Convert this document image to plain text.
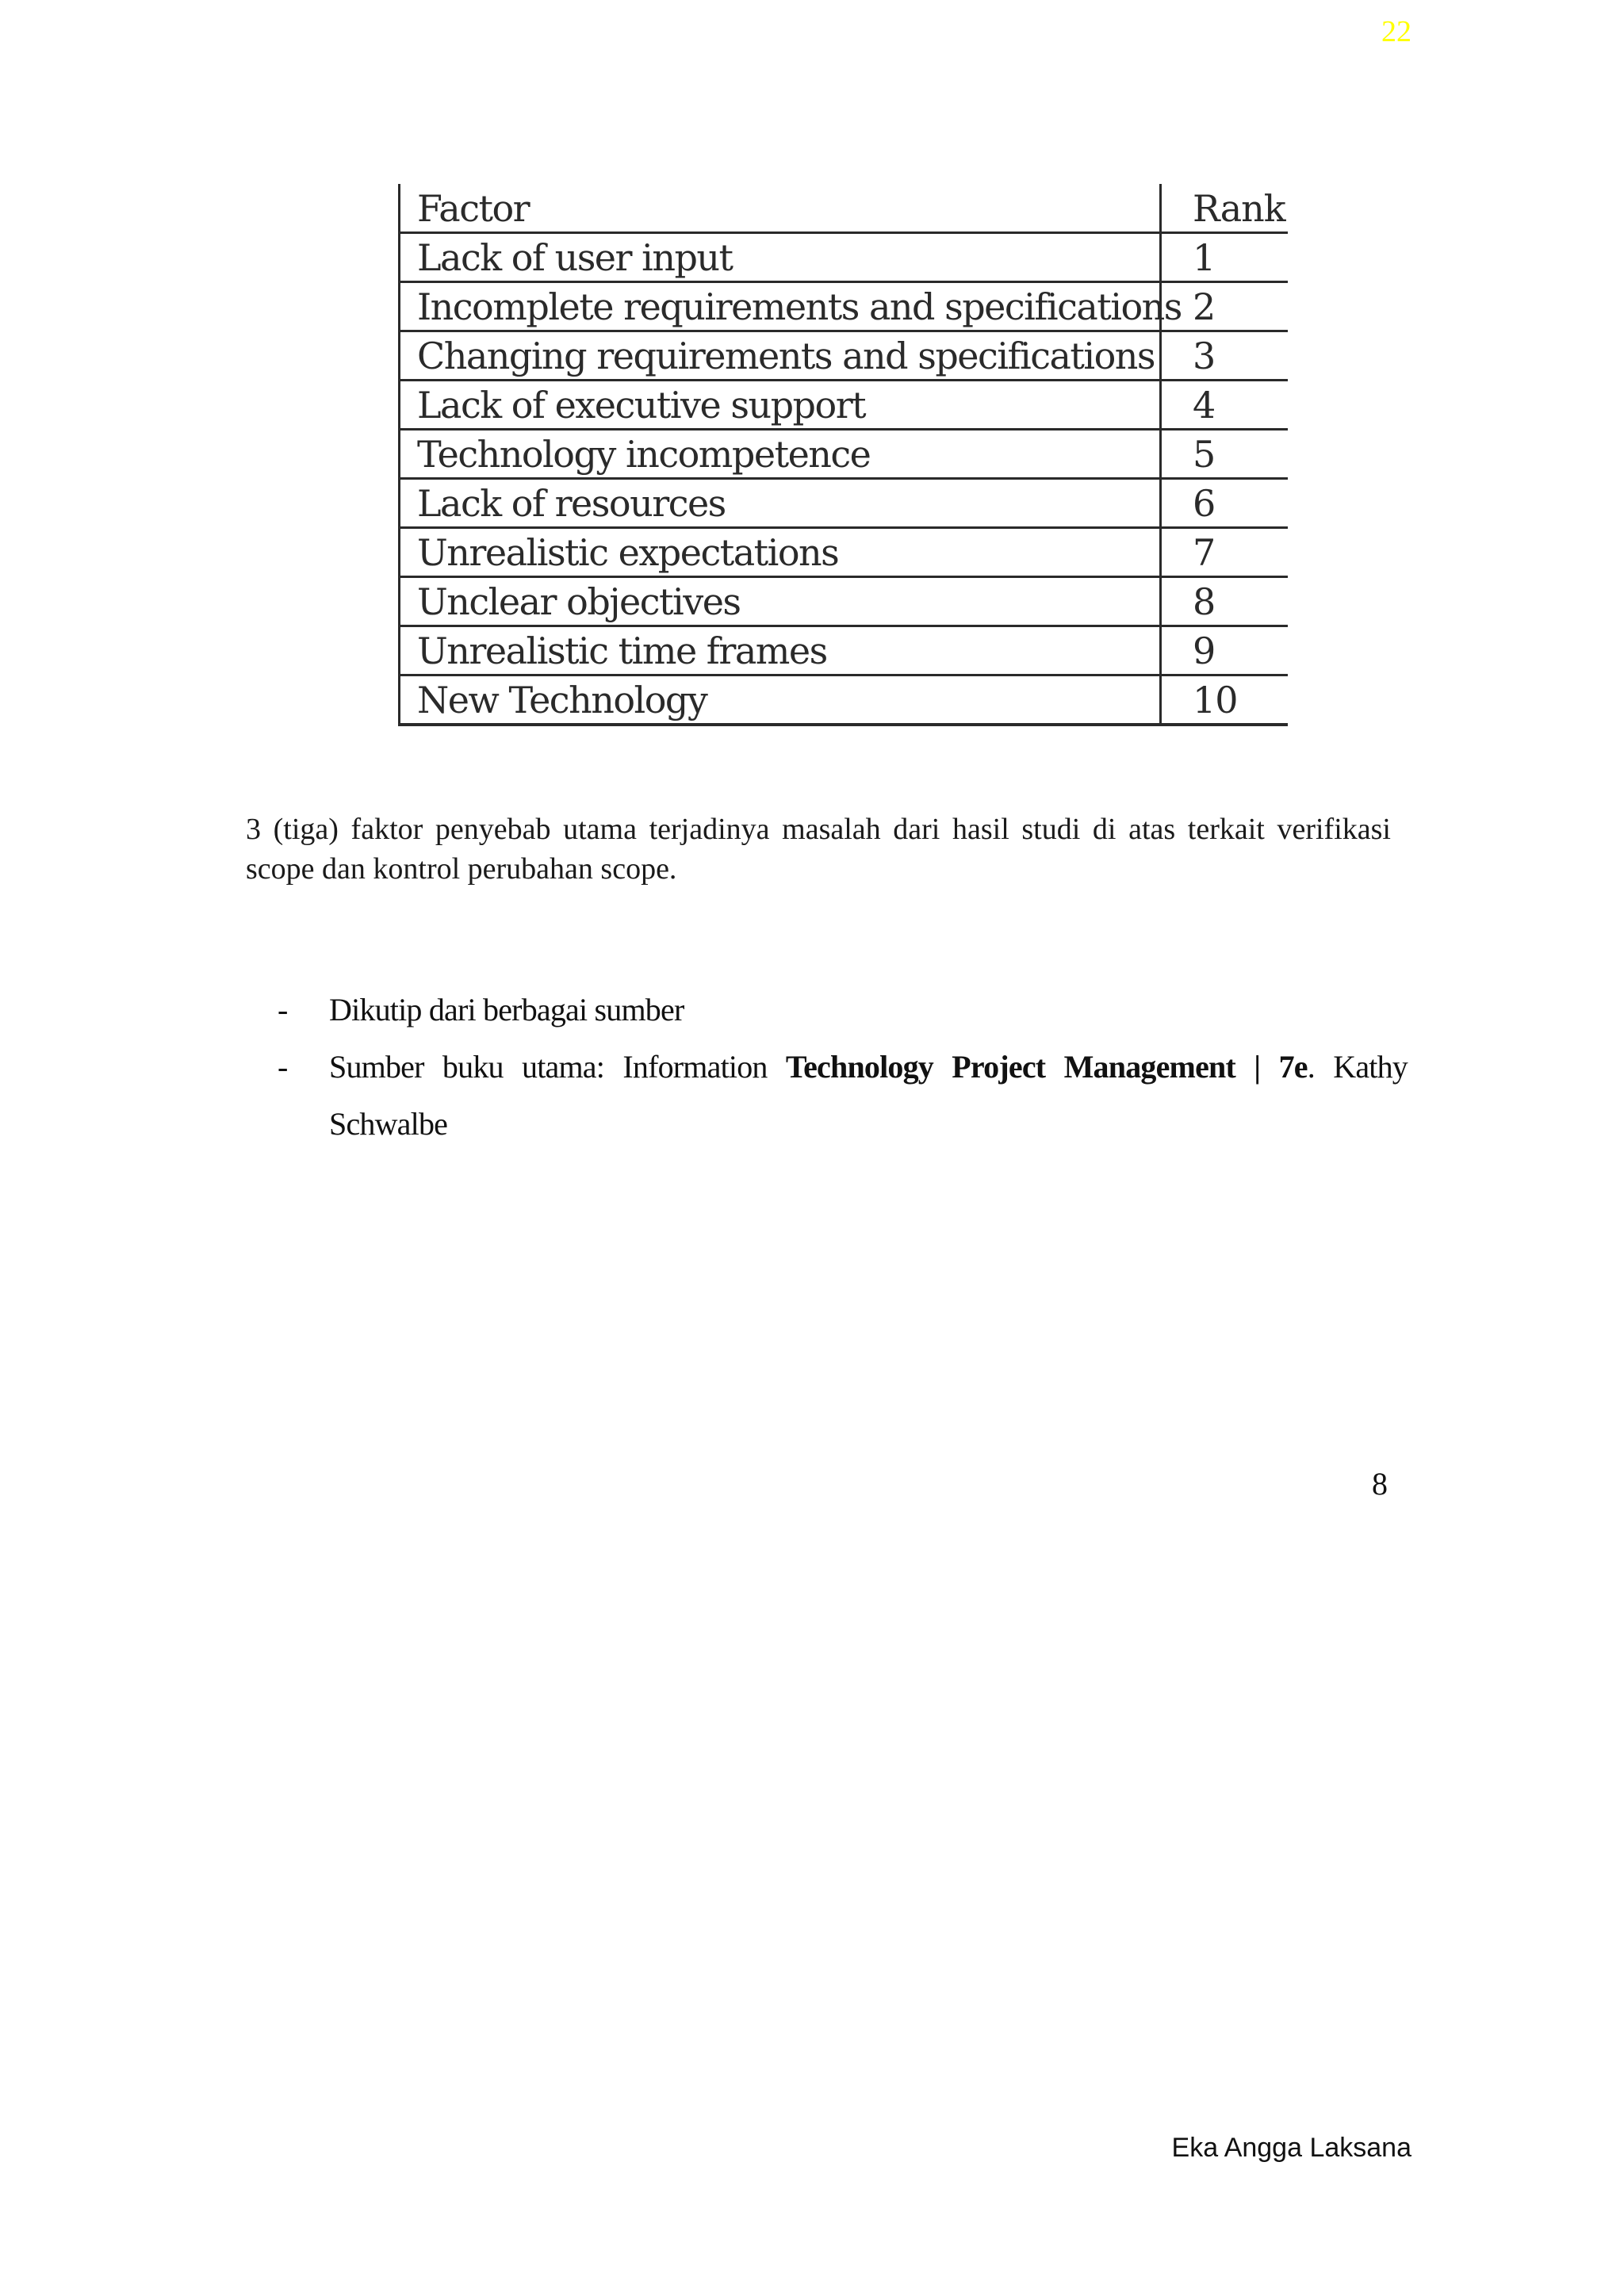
22
Factor	Rank
Lack of user input	1
Incomplete requirements and specifications 2
Changing requirements and specifications 3
Lack of executive support	4
Technology incompetence	5
Lack of resources	6
Unrealistic expectations	7
Unclear objectives	8
Unrealistic time frames	9
New Technology	10

3 (tiga) faktor penyebab utama terjadinya masalah dari hasil studi di atas terkait verifikasi scope dan kontrol perubahan scope.

- Dikutip dari berbagai sumber
- Sumber buku utama: Information Technology Project Management | 7e. Kathy Schwalbe
8
Eka Angga Laksana
